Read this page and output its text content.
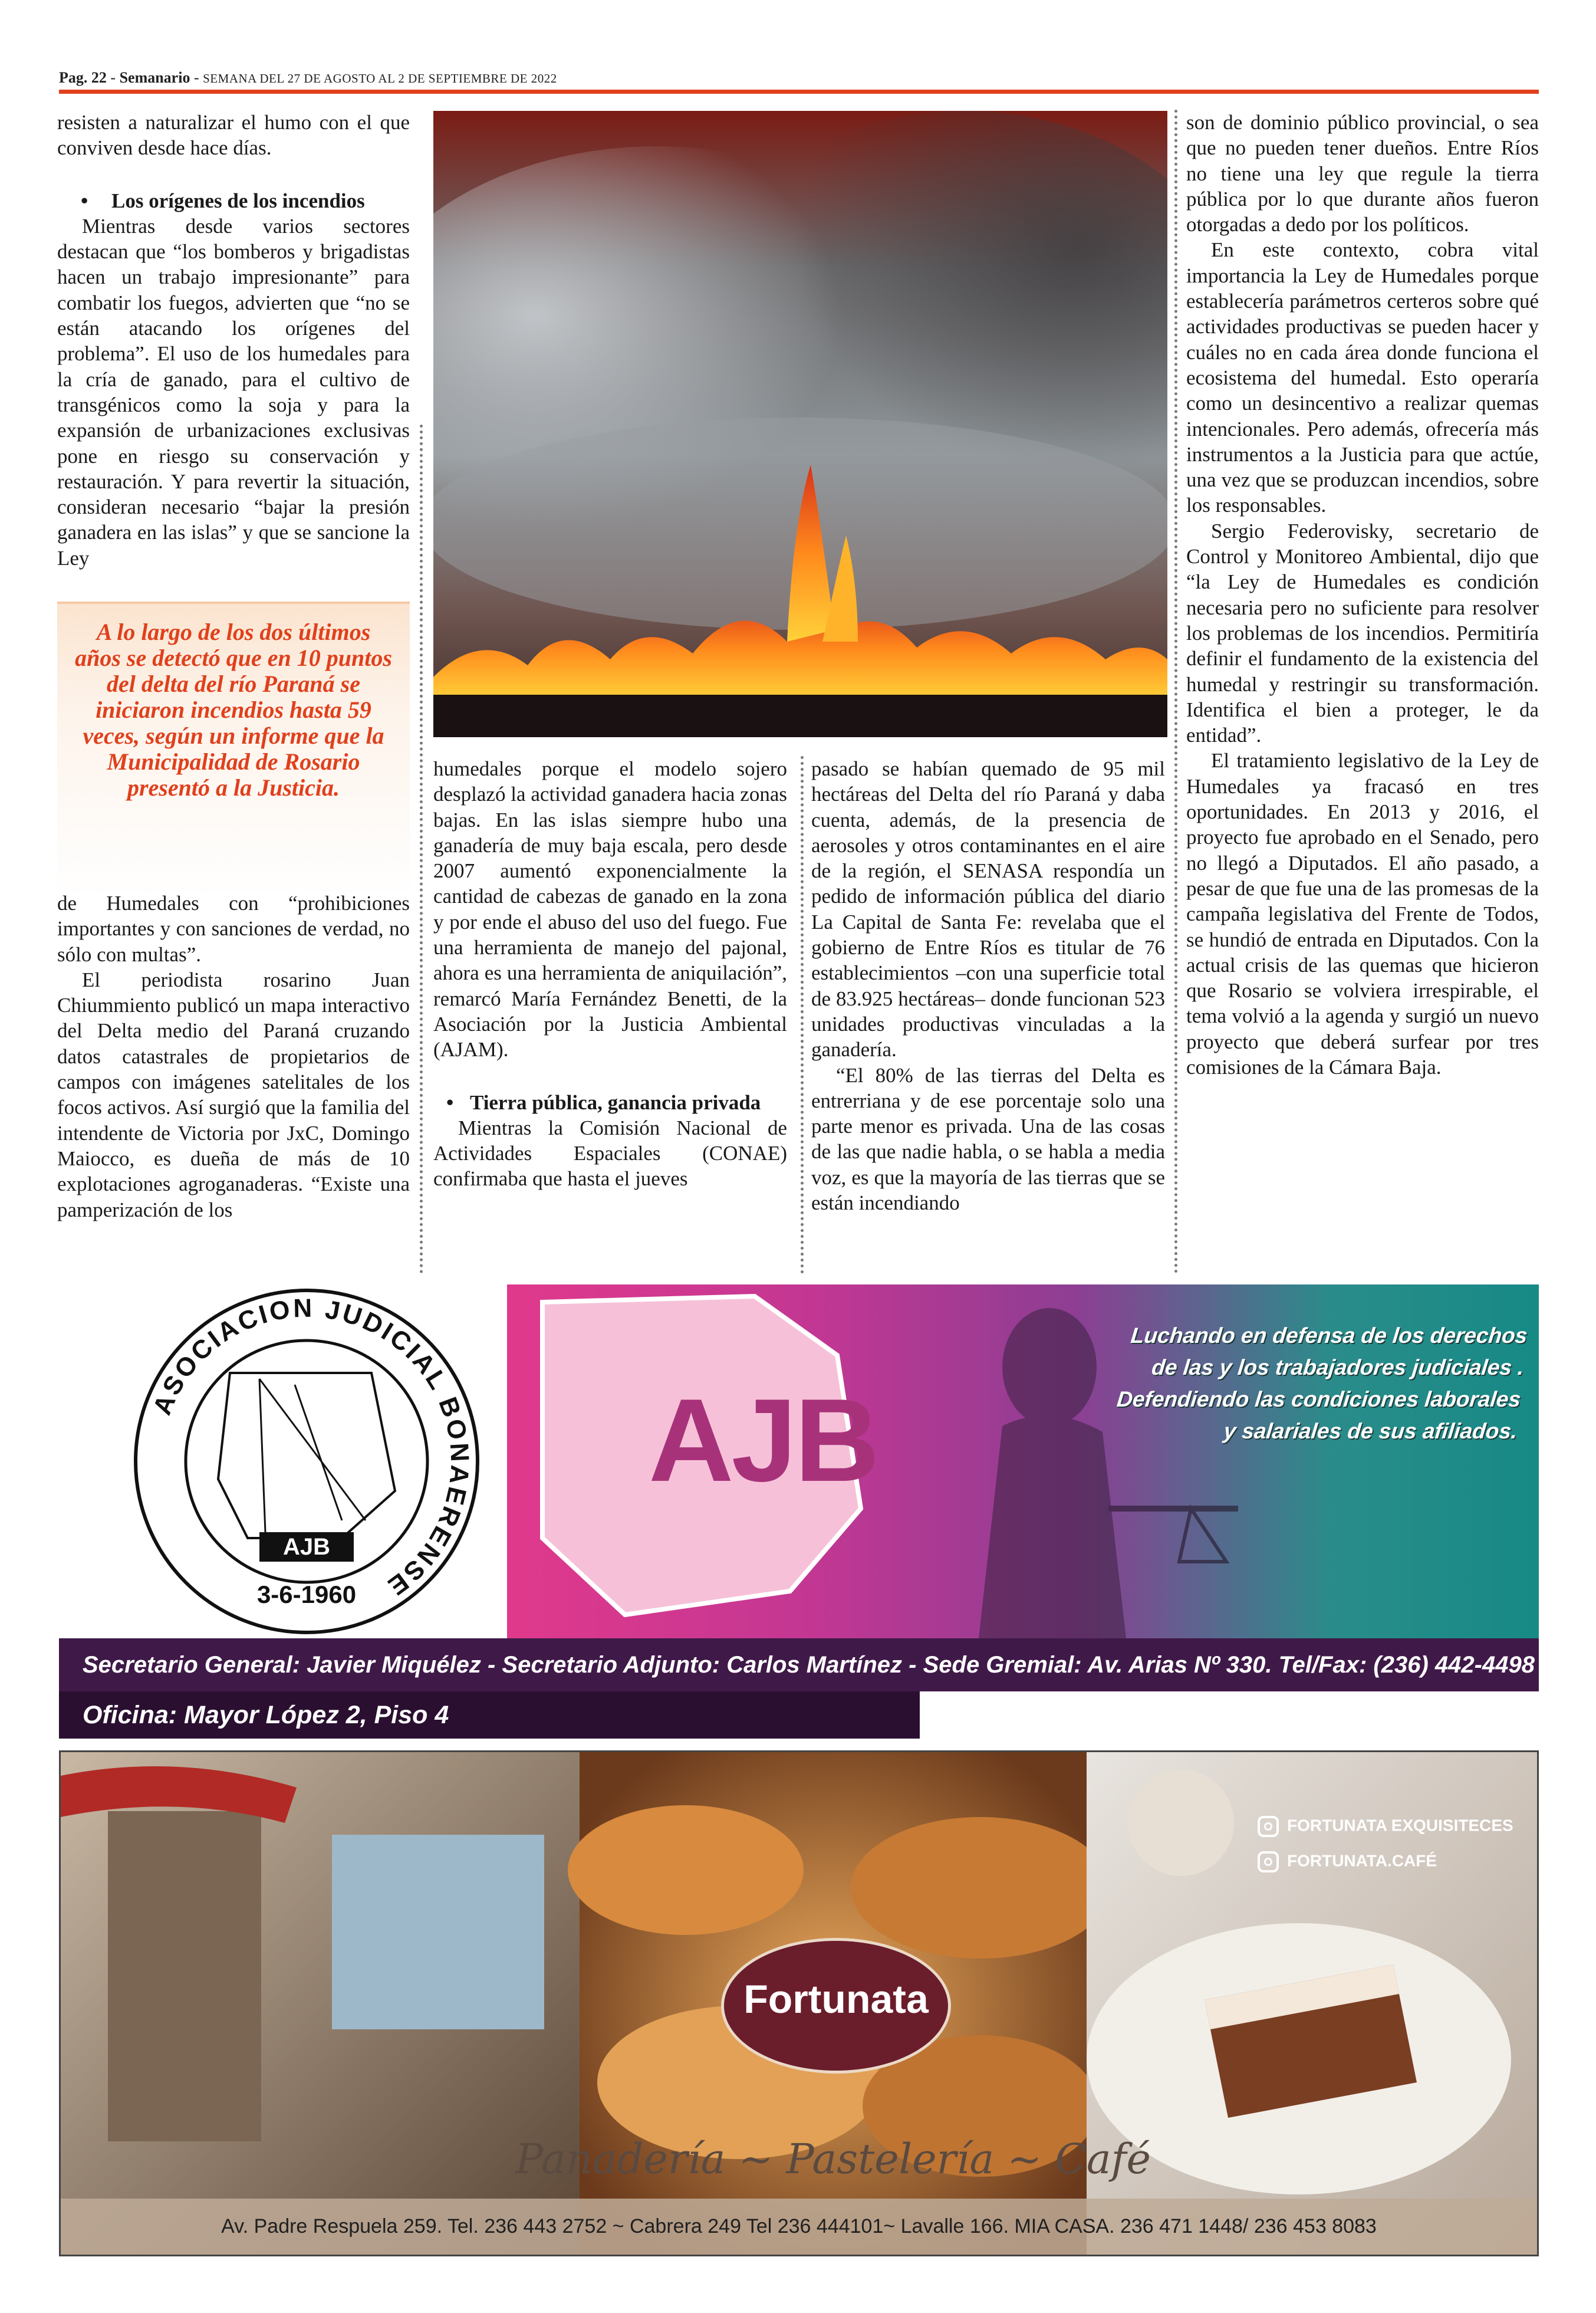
Pag. 22 - Semanario - SEMANA DEL 27 DE AGOSTO AL 2 DE SEPTIEMBRE DE 2022

resisten a naturalizar el humo con el que conviven desde hace días.

• Los orígenes de los incendios

Mientras desde varios sectores destacan que “los bomberos y brigadistas hacen un trabajo impresionante” para combatir los fuegos, advierten que “no se están atacando los orígenes del problema”. El uso de los humedales para la cría de ganado, para el cultivo de transgénicos como la soja y para la expansión de urbanizaciones exclusivas pone en riesgo su conservación y restauración. Y para revertir la situación, consideran necesario “bajar la presión ganadera en las islas” y que se sancione la Ley

A lo largo de los dos últimos años se detectó que en 10 puntos del delta del río Paraná se iniciaron incendios hasta 59 veces, según un informe que la Municipalidad de Rosario presentó a la Justicia.

de Humedales con “prohibiciones importantes y con sanciones de verdad, no sólo con multas”.

El periodista rosarino Juan Chiummiento publicó un mapa interactivo del Delta medio del Paraná cruzando datos catastrales de propietarios de campos con imágenes satelitales de los focos activos. Así surgió que la familia del intendente de Victoria por JxC, Domingo Maiocco, es dueña de más de 10 explotaciones agroganaderas. “Existe una pamperización de los

humedales porque el modelo sojero desplazó la actividad ganadera hacia zonas bajas. En las islas siempre hubo una ganadería de muy baja escala, pero desde 2007 aumentó exponencialmente la cantidad de cabezas de ganado en la zona y por ende el abuso del uso del fuego. Fue una herramienta de manejo del pajonal, ahora es una herramienta de aniquilación”, remarcó María Fernández Benetti, de la Asociación por la Justicia Ambiental (AJAM).

• Tierra pública, ganancia privada

Mientras la Comisión Nacional de Actividades Espaciales (CONAE) confirmaba que hasta el jueves

pasado se habían quemado de 95 mil hectáreas del Delta del río Paraná y daba cuenta, además, de la presencia de aerosoles y otros contaminantes en el aire de la región, el SENASA respondía un pedido de información pública del diario La Capital de Santa Fe: revelaba que el gobierno de Entre Ríos es titular de 76 establecimientos –con una superficie total de 83.925 hectáreas– donde funcionan 523 unidades productivas vinculadas a la ganadería.

“El 80% de las tierras del Delta es entrerriana y de ese porcentaje solo una parte menor es privada. Una de las cosas de las que nadie habla, o se habla a media voz, es que la mayoría de las tierras que se están incendiando

son de dominio público provincial, o sea que no pueden tener dueños. Entre Ríos no tiene una ley que regule la tierra pública por lo que durante años fueron otorgadas a dedo por los políticos.

En este contexto, cobra vital importancia la Ley de Humedales porque establecería parámetros certeros sobre qué actividades productivas se pueden hacer y cuáles no en cada área donde funciona el ecosistema del humedal. Esto operaría como un desincentivo a realizar quemas intencionales. Pero además, ofrecería más instrumentos a la Justicia para que actúe, una vez que se produzcan incendios, sobre los responsables.

Sergio Federovisky, secretario de Control y Monitoreo Ambiental, dijo que “la Ley de Humedales es condición necesaria pero no suficiente para resolver los problemas de los incendios. Permitiría definir el fundamento de la existencia del humedal y restringir su transformación. Identifica el bien a proteger, le da entidad”.

El tratamiento legislativo de la Ley de Humedales ya fracasó en tres oportunidades. En 2013 y 2016, el proyecto fue aprobado en el Senado, pero no llegó a Diputados. El año pasado, a pesar de que fue una de las promesas de la campaña legislativa del Frente de Todos, se hundió de entrada en Diputados. Con la actual crisis de las quemas que hicieron que Rosario se volviera irrespirable, el tema volvió a la agenda y surgió un nuevo proyecto que deberá surfear por tres comisiones de la Cámara Baja.

AJB
3-6-1960
ASOCIACION JUDICIAL BONAERENSE
AJB
Luchando en defensa de los derechos
de las y los trabajadores judiciales .
Defendiendo las condiciones laborales
y salariales de sus afiliados.
Secretario General: Javier Miquélez - Secretario Adjunto: Carlos Martínez - Sede Gremial: Av. Arias Nº 330. Tel/Fax: (236) 442-4498
Oficina: Mayor López 2, Piso 4
FORTUNATA EXQUISITECES
FORTUNATA.CAFÉ
Fortunata
Panadería ~ Pastelería ~ Café
Av. Padre Respuela 259. Tel. 236 443 2752 ~ Cabrera 249 Tel 236 444101~ Lavalle 166. MIA CASA. 236 471 1448/ 236 453 8083
